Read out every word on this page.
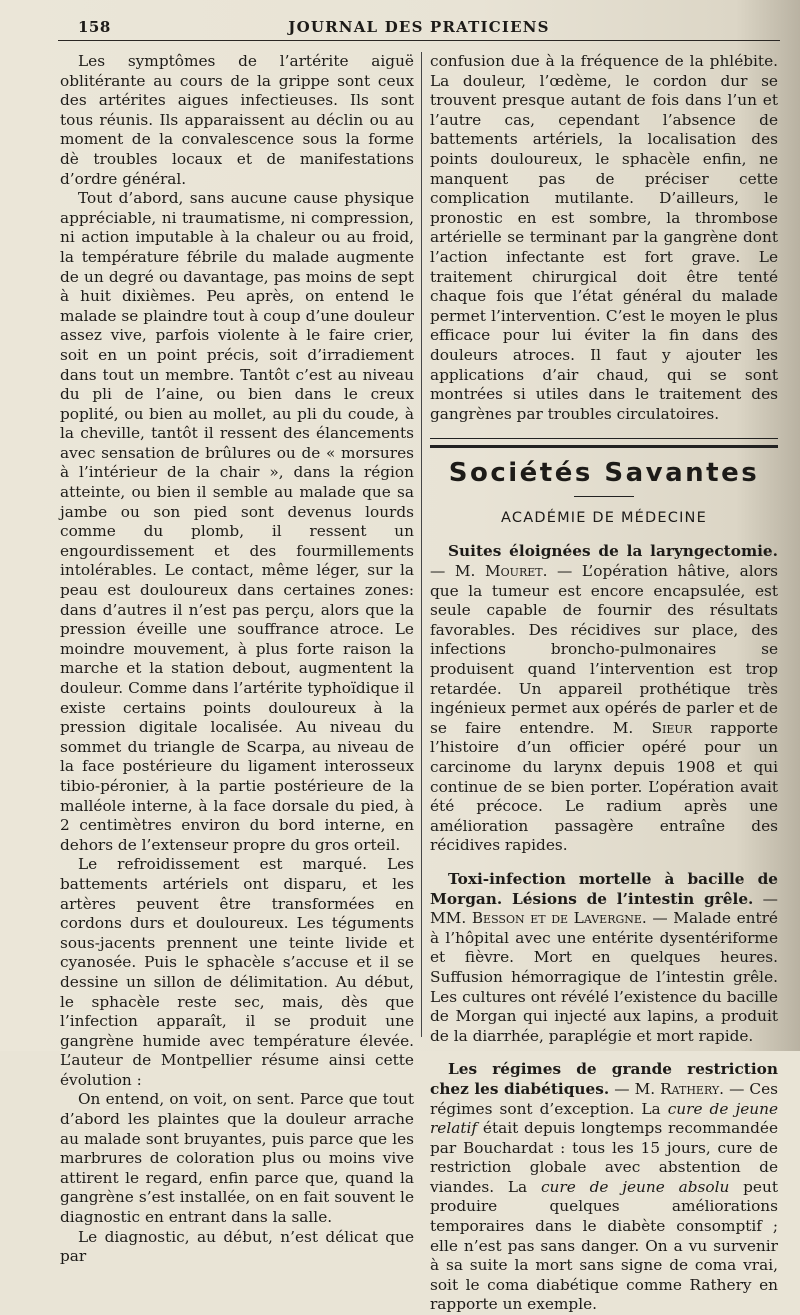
158	JOURNAL DES PRATICIENS

Les symptômes de l’artérite aiguë oblitérante au cours de la grippe sont ceux des artérites aigues infectieuses. Ils sont tous réunis. Ils apparaissent au déclin ou au moment de la convalescence sous la forme dè troubles locaux et de manifestations d’ordre général.

Tout d’abord, sans aucune cause physique appréciable, ni traumatisme, ni compression, ni action imputable à la chaleur ou au froid, la température fébrile du malade augmente de un degré ou davantage, pas moins de sept à huit dixièmes. Peu après, on entend le malade se plaindre tout à coup d’une douleur assez vive, parfois violente à le faire crier, soit en un point précis, soit d’irradiement dans tout un membre. Tantôt c’est au niveau du pli de l’aine, ou bien dans le creux poplité, ou bien au mollet, au pli du coude, à la cheville, tantôt il ressent des élancements avec sensation de brûlures ou de « morsures à l’intérieur de la chair », dans la région atteinte, ou bien il semble au malade que sa jambe ou son pied sont devenus lourds comme du plomb, il ressent un engourdissement et des fourmillements intolérables. Le contact, même léger, sur la peau est douloureux dans certaines zones: dans d’autres il n’est pas perçu, alors que la pression éveille une souffrance atroce. Le moindre mouvement, à plus forte raison la marche et la station debout, augmentent la douleur. Comme dans l’artérite typhoïdique il existe certains points douloureux à la pression digitale localisée. Au niveau du sommet du triangle de Scarpa, au niveau de la face postérieure du ligament interosseux tibio-péronier, à la partie postérieure de la malléole interne, à la face dorsale du pied, à 2 centimètres environ du bord interne, en dehors de l’extenseur propre du gros orteil.

Le refroidissement est marqué. Les battements artériels ont disparu, et les artères peuvent être transformées en cordons durs et douloureux. Les téguments sous-jacents prennent une teinte livide et cyanosée. Puis le sphacèle s’accuse et il se dessine un sillon de délimitation. Au début, le sphacèle reste sec, mais, dès que l’infection apparaît, il se produit une gangrène humide avec température élevée. L’auteur de Montpellier résume ainsi cette évolution :

On entend, on voit, on sent. Parce que tout d’abord les plaintes que la douleur arrache au malade sont bruyantes, puis parce que les marbrures de coloration plus ou moins vive attirent le regard, enfin parce que, quand la gangrène s’est installée, on en fait souvent le diagnostic en entrant dans la salle.

Le diagnostic, au début, n’est délicat que par

confusion due à la fréquence de la phlébite. La douleur, l’œdème, le cordon dur se trouvent presque autant de fois dans l’un et l’autre cas, cependant l’absence de battements artériels, la localisation des points douloureux, le sphacèle enfin, ne manquent pas de préciser cette complication mutilante. D’ailleurs, le pronostic en est sombre, la thrombose artérielle se terminant par la gangrène dont l’action infectante est fort grave. Le traitement chirurgical doit être tenté chaque fois que l’état général du malade permet l’intervention. C’est le moyen le plus efficace pour lui éviter la fin dans des douleurs atroces. Il faut y ajouter les applications d’air chaud, qui se sont montrées si utiles dans le traitement des gangrènes par troubles circulatoires.

Sociétés Savantes
ACADÉMIE DE MÉDECINE

Suites éloignées de la laryngectomie. — M. Mouret. — L’opération hâtive, alors que la tumeur est encore encapsulée, est seule capable de fournir des résultats favorables. Des récidives sur place, des infections broncho-pulmonaires se produisent quand l’intervention est trop retardée. Un appareil prothétique très ingénieux permet aux opérés de parler et de se faire entendre. M. Sieur rapporte l’histoire d’un officier opéré pour un carcinome du larynx depuis 1908 et qui continue de se bien porter. L’opération avait été précoce. Le radium après une amélioration passagère entraîne des récidives rapides.

Toxi-infection mortelle à bacille de Morgan. Lésions de l’intestin grêle. — MM. Besson et de Lavergne. — Malade entré à l’hôpital avec une entérite dysentériforme et fièvre. Mort en quelques heures. Suffusion hémorragique de l’intestin grêle. Les cultures ont révélé l’existence du bacille de Morgan qui injecté aux lapins, a produit de la diarrhée, paraplégie et mort rapide.

Les régimes de grande restriction chez les diabétiques. — M. Rathery. — Ces régimes sont d’exception. La cure de jeune relatif était depuis longtemps recommandée par Bouchardat : tous les 15 jours, cure de restriction globale avec abstention de viandes. La cure de jeune absolu peut produire quelques améliorations temporaires dans le diabète consomptif ; elle n’est pas sans danger. On a vu survenir à sa suite la mort sans signe de coma vrai, soit le coma diabétique comme Rathery en rapporte un exemple.
